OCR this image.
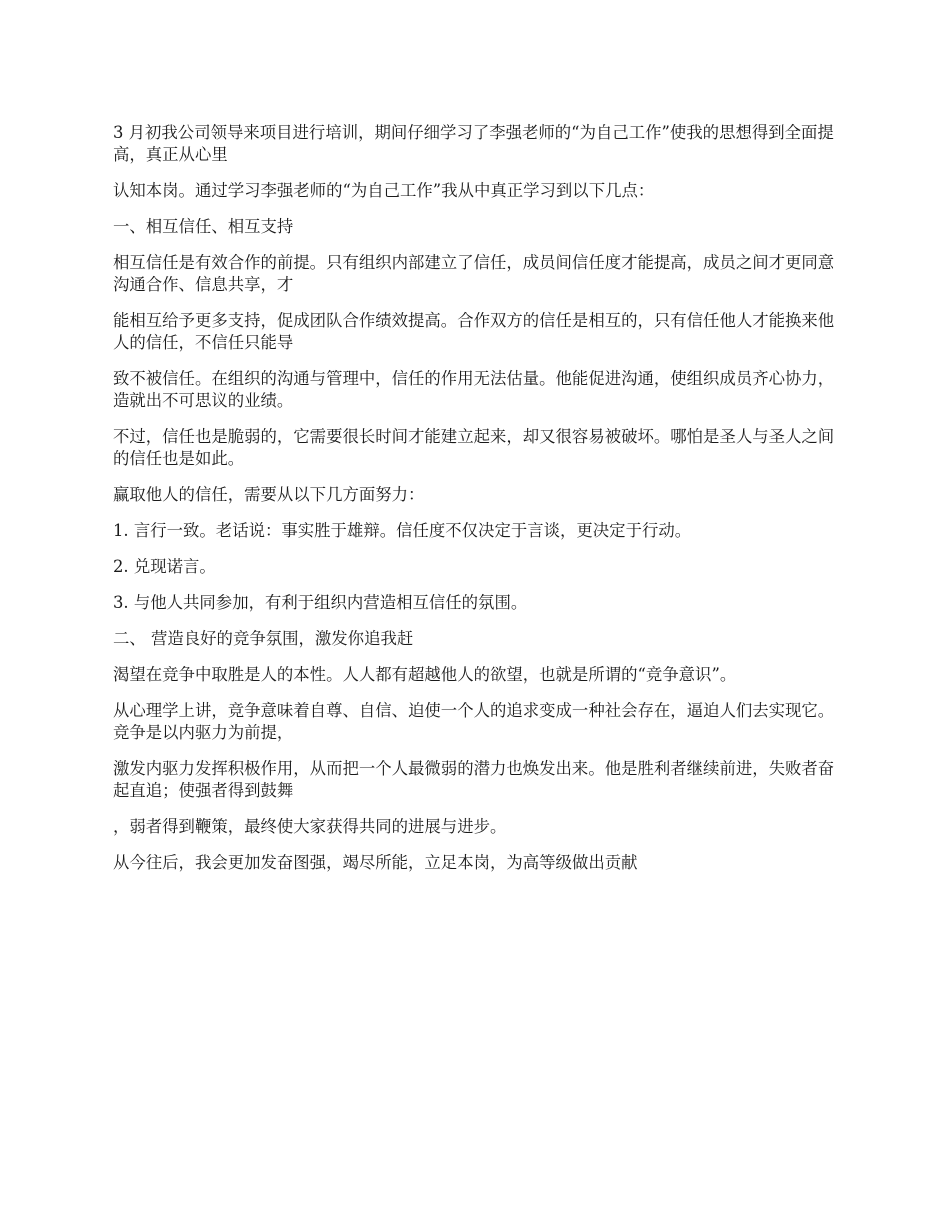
3 月初我公司领导来项目进行培训，期间仔细学习了李强老师的“为自己工作”使我的思想得到全面提高，真正从心里

认知本岗。通过学习李强老师的“为自己工作”我从中真正学习到以下几点：

一、相互信任、相互支持

相互信任是有效合作的前提。只有组织内部建立了信任，成员间信任度才能提高，成员之间才更同意沟通合作、信息共享，才

能相互给予更多支持，促成团队合作绩效提高。合作双方的信任是相互的，只有信任他人才能换来他人的信任，不信任只能导

致不被信任。在组织的沟通与管理中，信任的作用无法估量。他能促进沟通，使组织成员齐心协力，造就出不可思议的业绩。

不过，信任也是脆弱的，它需要很长时间才能建立起来，却又很容易被破坏。哪怕是圣人与圣人之间的信任也是如此。

赢取他人的信任，需要从以下几方面努力：

1. 言行一致。老话说：事实胜于雄辩。信任度不仅决定于言谈，更决定于行动。

2. 兑现诺言。

3. 与他人共同参加，有利于组织内营造相互信任的氛围。

二、 营造良好的竞争氛围，激发你追我赶

渴望在竞争中取胜是人的本性。人人都有超越他人的欲望，也就是所谓的“竞争意识”。

从心理学上讲，竞争意味着自尊、自信、迫使一个人的追求变成一种社会存在，逼迫人们去实现它。竞争是以内驱力为前提，

激发内驱力发挥积极作用，从而把一个人最微弱的潜力也焕发出来。他是胜利者继续前进，失败者奋起直追；使强者得到鼓舞

，弱者得到鞭策，最终使大家获得共同的进展与进步。

从今往后，我会更加发奋图强，竭尽所能，立足本岗，为高等级做出贡献
